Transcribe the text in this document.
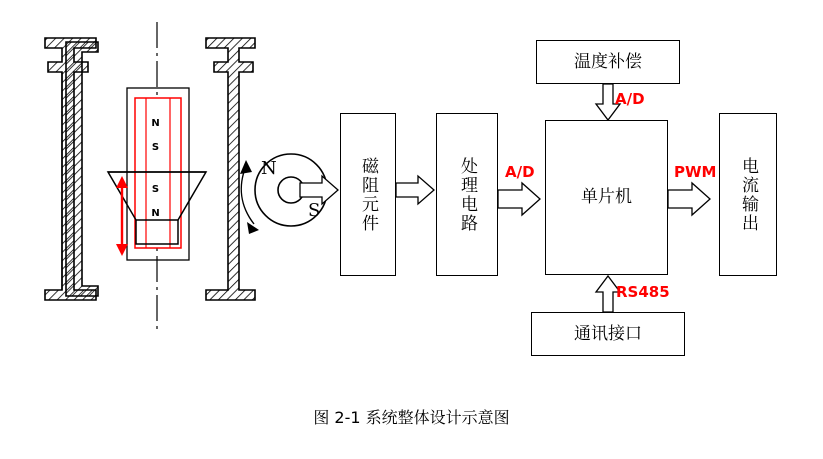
N
S
N S
S N	磁阻元件	处理电路
温度补偿
单片机
通讯接口
电流输出
A/D
A/D
PWM
RS485
图 2-1 系统整体设计示意图
